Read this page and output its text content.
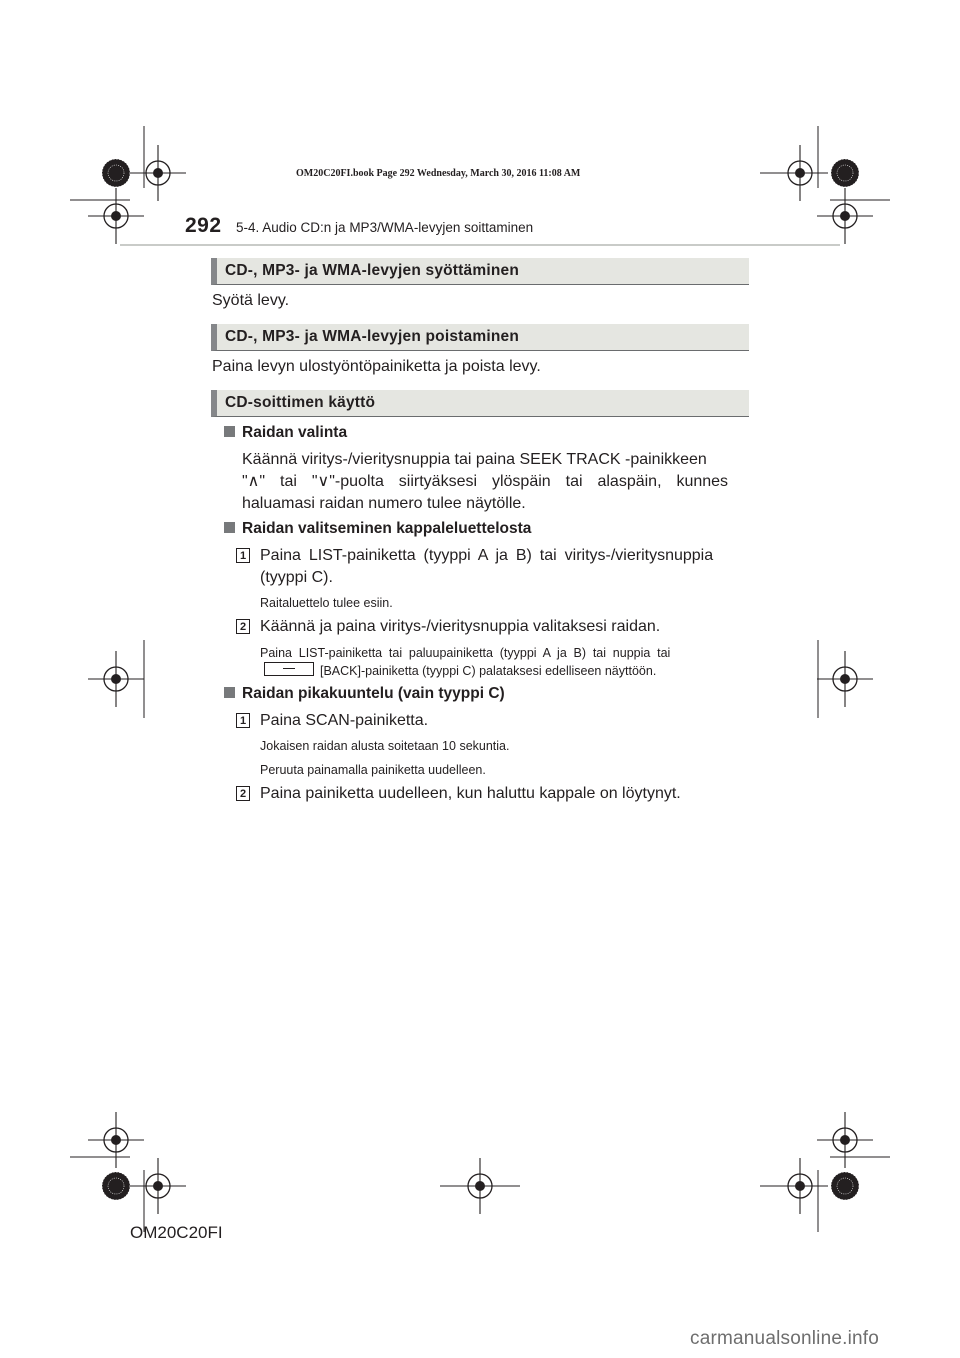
OM20C20FI.book Page 292 Wednesday, March 30, 2016 11:08 AM
292 5-4. Audio CD:n ja MP3/WMA-levyjen soittaminen
CD-, MP3- ja WMA-levyjen syöttäminen
Syötä levy.
CD-, MP3- ja WMA-levyjen poistaminen
Paina levyn ulostyöntöpainiketta ja poista levy.
CD-soittimen käyttö
Raidan valinta
Käännä viritys-/vieritysnuppia tai paina SEEK TRACK -painikkeen
"∧" tai "∨"-puolta siirtyäksesi ylöspäin tai alaspäin, kunnes
haluamasi raidan numero tulee näytölle.
Raidan valitseminen kappaleluettelosta
1 Paina LIST-painiketta (tyyppi A ja B) tai viritys-/vieritysnuppia
(tyyppi C).
Raitaluettelo tulee esiin.
2 Käännä ja paina viritys-/vieritysnuppia valitaksesi raidan.
Paina LIST-painiketta tai paluupainiketta (tyyppi A ja B) tai nuppia tai
[BACK]-painiketta (tyyppi C) palataksesi edelliseen näyttöön.
Raidan pikakuuntelu (vain tyyppi C)
1 Paina SCAN-painiketta.
Jokaisen raidan alusta soitetaan 10 sekuntia.
Peruuta painamalla painiketta uudelleen.
2 Paina painiketta uudelleen, kun haluttu kappale on löytynyt.
OM20C20FI
carmanualsonline.info
